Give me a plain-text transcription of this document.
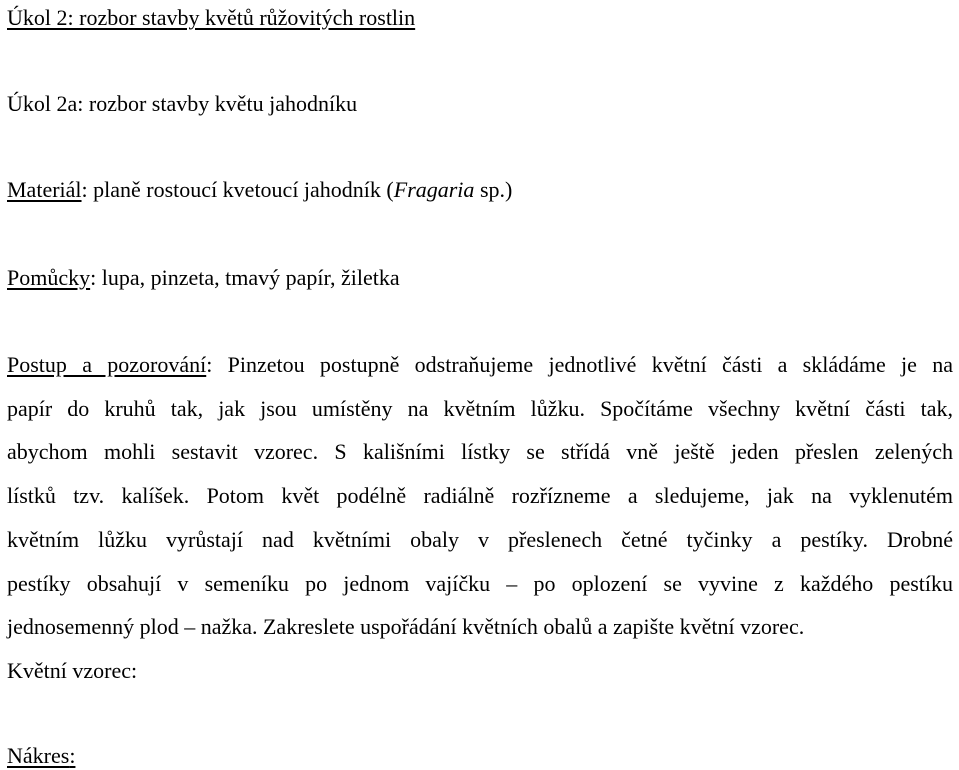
Úkol 2: rozbor stavby květů růžovitých rostlin
Úkol 2a: rozbor stavby květu jahodníku
Materiál: planě rostoucí kvetoucí jahodník (Fragaria sp.)
Pomůcky: lupa, pinzeta, tmavý papír, žiletka
Postup a pozorování: Pinzetou postupně odstraňujeme jednotlivé květní části a skládáme je na
papír do kruhů tak, jak jsou umístěny na květním lůžku. Spočítáme všechny květní části tak,
abychom mohli sestavit vzorec. S kališními lístky se střídá vně ještě jeden přeslen zelených
lístků tzv. kalíšek. Potom květ podélně radiálně rozřízneme a sledujeme, jak na vyklenutém
květním lůžku vyrůstají nad květními obaly v přeslenech četné tyčinky a pestíky. Drobné
pestíky obsahují v semeníku po jednom vajíčku – po oplození se vyvine z každého pestíku
jednosemenný plod – nažka. Zakreslete uspořádání květních obalů a zapište květní vzorec.
Květní vzorec:
Nákres:
